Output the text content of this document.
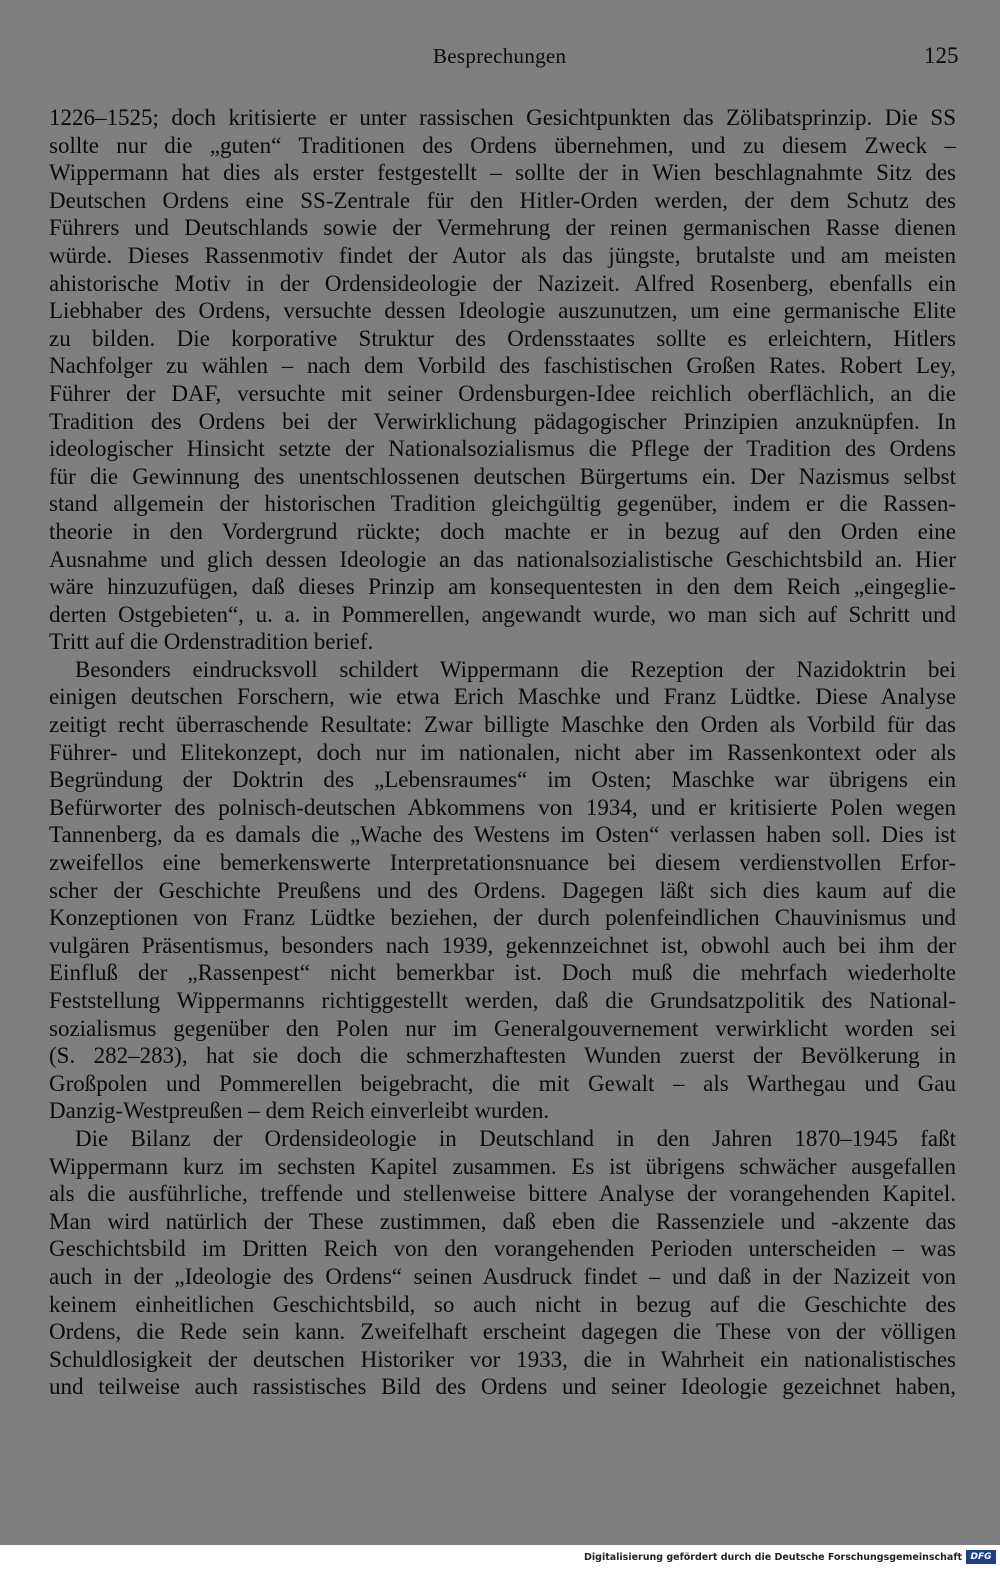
Besprechungen	125
1226–1525; doch kritisierte er unter rassischen Gesichtpunkten das Zölibatsprinzip. Die SS
sollte nur die „guten“ Traditionen des Ordens übernehmen, und zu diesem Zweck –
Wippermann hat dies als erster festgestellt – sollte der in Wien beschlagnahmte Sitz des
Deutschen Ordens eine SS-Zentrale für den Hitler-Orden werden, der dem Schutz des
Führers und Deutschlands sowie der Vermehrung der reinen germanischen Rasse dienen
würde. Dieses Rassenmotiv findet der Autor als das jüngste, brutalste und am meisten
ahistorische Motiv in der Ordensideologie der Nazizeit. Alfred Rosenberg, ebenfalls ein
Liebhaber des Ordens, versuchte dessen Ideologie auszunutzen, um eine germanische Elite
zu bilden. Die korporative Struktur des Ordensstaates sollte es erleichtern, Hitlers
Nachfolger zu wählen – nach dem Vorbild des faschistischen Großen Rates. Robert Ley,
Führer der DAF, versuchte mit seiner Ordensburgen-Idee reichlich oberflächlich, an die
Tradition des Ordens bei der Verwirklichung pädagogischer Prinzipien anzuknüpfen. In
ideologischer Hinsicht setzte der Nationalsozialismus die Pflege der Tradition des Ordens
für die Gewinnung des unentschlossenen deutschen Bürgertums ein. Der Nazismus selbst
stand allgemein der historischen Tradition gleichgültig gegenüber, indem er die Rassen-
theorie in den Vordergrund rückte; doch machte er in bezug auf den Orden eine
Ausnahme und glich dessen Ideologie an das nationalsozialistische Geschichtsbild an. Hier
wäre hinzuzufügen, daß dieses Prinzip am konsequentesten in den dem Reich „eingeglie-
derten Ostgebieten“, u. a. in Pommerellen, angewandt wurde, wo man sich auf Schritt und
Tritt auf die Ordenstradition berief.
Besonders eindrucksvoll schildert Wippermann die Rezeption der Nazidoktrin bei
einigen deutschen Forschern, wie etwa Erich Maschke und Franz Lüdtke. Diese Analyse
zeitigt recht überraschende Resultate: Zwar billigte Maschke den Orden als Vorbild für das
Führer- und Elitekonzept, doch nur im nationalen, nicht aber im Rassenkontext oder als
Begründung der Doktrin des „Lebensraumes“ im Osten; Maschke war übrigens ein
Befürworter des polnisch-deutschen Abkommens von 1934, und er kritisierte Polen wegen
Tannenberg, da es damals die „Wache des Westens im Osten“ verlassen haben soll. Dies ist
zweifellos eine bemerkenswerte Interpretationsnuance bei diesem verdienstvollen Erfor-
scher der Geschichte Preußens und des Ordens. Dagegen läßt sich dies kaum auf die
Konzeptionen von Franz Lüdtke beziehen, der durch polenfeindlichen Chauvinismus und
vulgären Präsentismus, besonders nach 1939, gekennzeichnet ist, obwohl auch bei ihm der
Einfluß der „Rassenpest“ nicht bemerkbar ist. Doch muß die mehrfach wiederholte
Feststellung Wippermanns richtiggestellt werden, daß die Grundsatzpolitik des National-
sozialismus gegenüber den Polen nur im Generalgouvernement verwirklicht worden sei
(S. 282–283), hat sie doch die schmerzhaftesten Wunden zuerst der Bevölkerung in
Großpolen und Pommerellen beigebracht, die mit Gewalt – als Warthegau und Gau
Danzig-Westpreußen – dem Reich einverleibt wurden.
Die Bilanz der Ordensideologie in Deutschland in den Jahren 1870–1945 faßt
Wippermann kurz im sechsten Kapitel zusammen. Es ist übrigens schwächer ausgefallen
als die ausführliche, treffende und stellenweise bittere Analyse der vorangehenden Kapitel.
Man wird natürlich der These zustimmen, daß eben die Rassenziele und -akzente das
Geschichtsbild im Dritten Reich von den vorangehenden Perioden unterscheiden – was
auch in der „Ideologie des Ordens“ seinen Ausdruck findet – und daß in der Nazizeit von
keinem einheitlichen Geschichtsbild, so auch nicht in bezug auf die Geschichte des
Ordens, die Rede sein kann. Zweifelhaft erscheint dagegen die These von der völligen
Schuldlosigkeit der deutschen Historiker vor 1933, die in Wahrheit ein nationalistisches
und teilweise auch rassistisches Bild des Ordens und seiner Ideologie gezeichnet haben,
Digitalisierung gefördert durch die Deutsche Forschungsgemeinschaft DFG
